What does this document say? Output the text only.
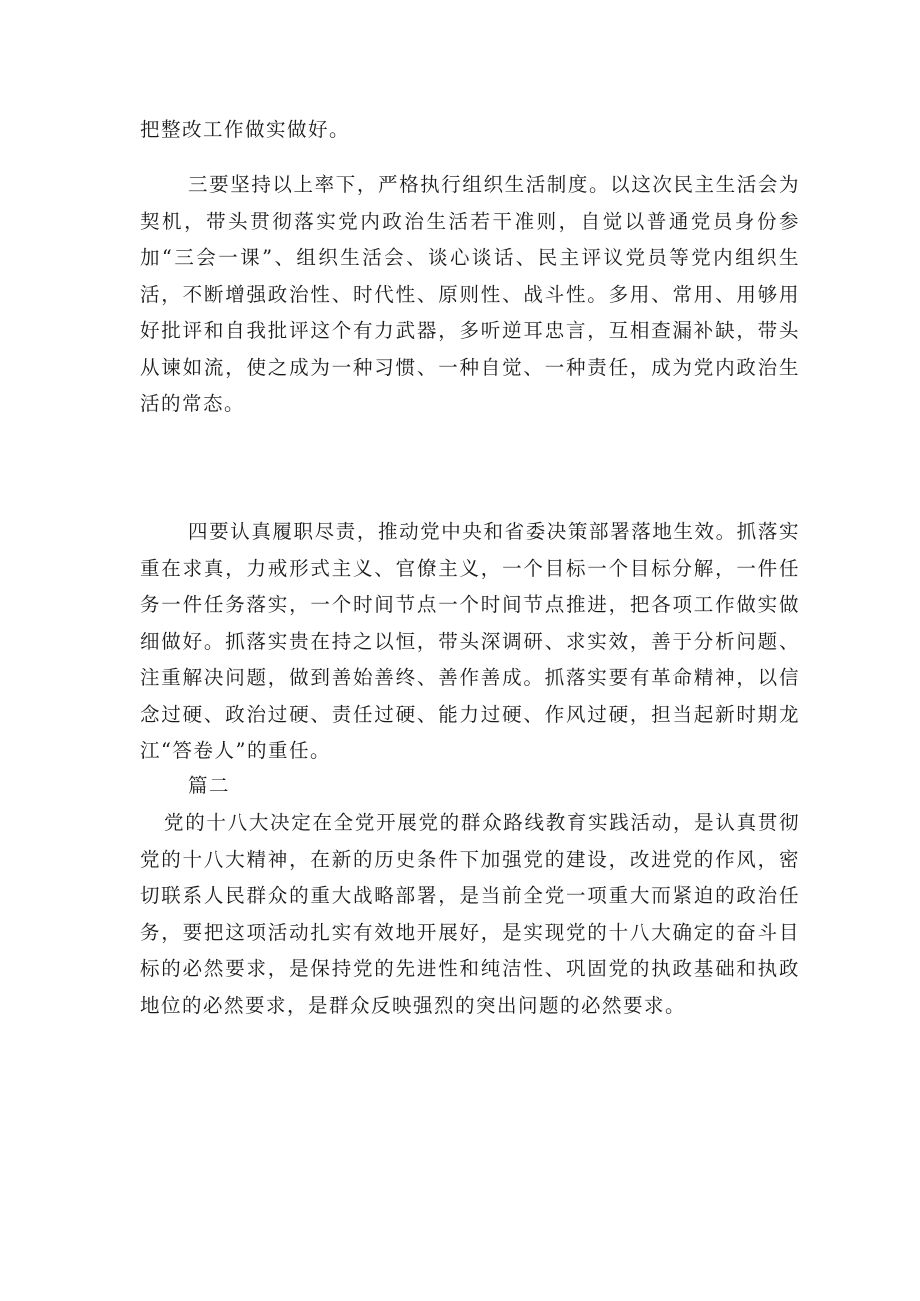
把整改工作做实做好。

三要坚持以上率下，严格执行组织生活制度。以这次民主生活会为契机，带头贯彻落实党内政治生活若干准则，自觉以普通党员身份参加“三会一课”、组织生活会、谈心谈话、民主评议党员等党内组织生活，不断增强政治性、时代性、原则性、战斗性。多用、常用、用够用好批评和自我批评这个有力武器，多听逆耳忠言，互相查漏补缺，带头从谏如流，使之成为一种习惯、一种自觉、一种责任，成为党内政治生活的常态。

四要认真履职尽责，推动党中央和省委决策部署落地生效。抓落实重在求真，力戒形式主义、官僚主义，一个目标一个目标分解，一件任务一件任务落实，一个时间节点一个时间节点推进，把各项工作做实做细做好。抓落实贵在持之以恒，带头深调研、求实效，善于分析问题、注重解决问题，做到善始善终、善作善成。抓落实要有革命精神，以信念过硬、政治过硬、责任过硬、能力过硬、作风过硬，担当起新时期龙江“答卷人”的重任。

篇二

党的十八大决定在全党开展党的群众路线教育实践活动，是认真贯彻党的十八大精神，在新的历史条件下加强党的建设，改进党的作风，密切联系人民群众的重大战略部署，是当前全党一项重大而紧迫的政治任务，要把这项活动扎实有效地开展好，是实现党的十八大确定的奋斗目标的必然要求，是保持党的先进性和纯洁性、巩固党的执政基础和执政地位的必然要求，是群众反映强烈的突出问题的必然要求。
